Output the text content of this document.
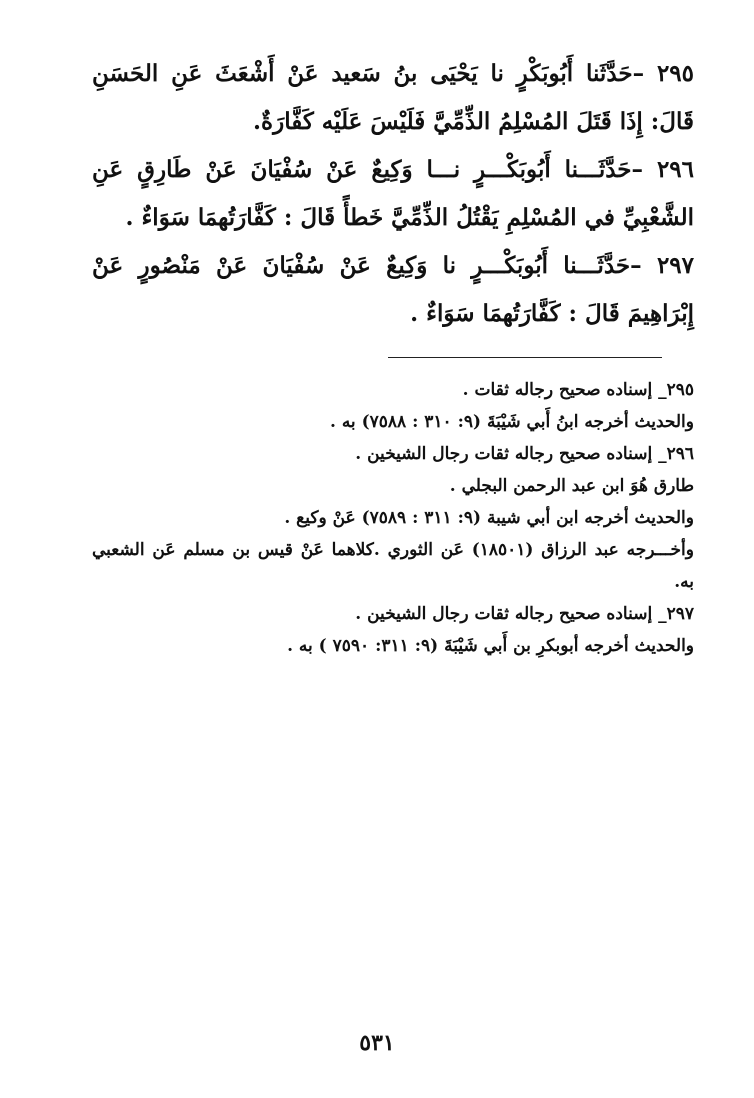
٢٩٥ –حَدَّثَنا أَبُوبَكْرٍ نا يَحْيَى بنُ سَعيد عَنْ أَشْعَثَ عَنِ الحَسَنِ قَالَ: إِذَا قَتَلَ المُسْلِمُ الذِّمِّيَّ فَلَيْسَ عَلَيْه كَفَّارَةٌ.

٢٩٦ –حَدَّثَـــنا أَبُوبَكْـــرٍ نـــا وَكِيعٌ عَنْ سُفْيَانَ عَنْ طَارِقٍ عَنِ الشَّعْبِيِّ في المُسْلِمِ يَقْتُلُ الذِّمِّيَّ خَطأً قَالَ : كَفَّارَتُهمَا سَوَاءٌ .

٢٩٧ –حَدَّثَـــنا أَبُوبَكْـــرٍ نا وَكِيعٌ عَنْ سُفْيَانَ عَنْ مَنْصُورٍ عَنْ إِبْرَاهِيمَ قَالَ : كَفَّارَتُهمَا سَوَاءٌ .

٢٩٥_ إسناده صحيح رجاله ثقات .

والحديث أخرجه ابنُ أَبي شَيْبَةَ (٩: ٣١٠ : ٧٥٨٨) به .

٢٩٦_ إسناده صحيح رجاله ثقات رجال الشيخين .

طارق هُوَ ابن عبد الرحمن البجلي .

والحديث أخرجه ابن أبي شيبة (٩: ٣١١ : ٧٥٨٩) عَنْ وكيع .

وأخـــرجه عبد الرزاق (١٨٥٠١) عَن الثوري .كلاهما عَنْ قيس بن مسلم عَن الشعبي به.

٢٩٧_ إسناده صحيح رجاله ثقات رجال الشيخين .

والحديث أخرجه أبوبكرِ بن أَبي شَيْبَةَ (٩: ٣١١: ٧٥٩٠ ) به .

٥٣١
